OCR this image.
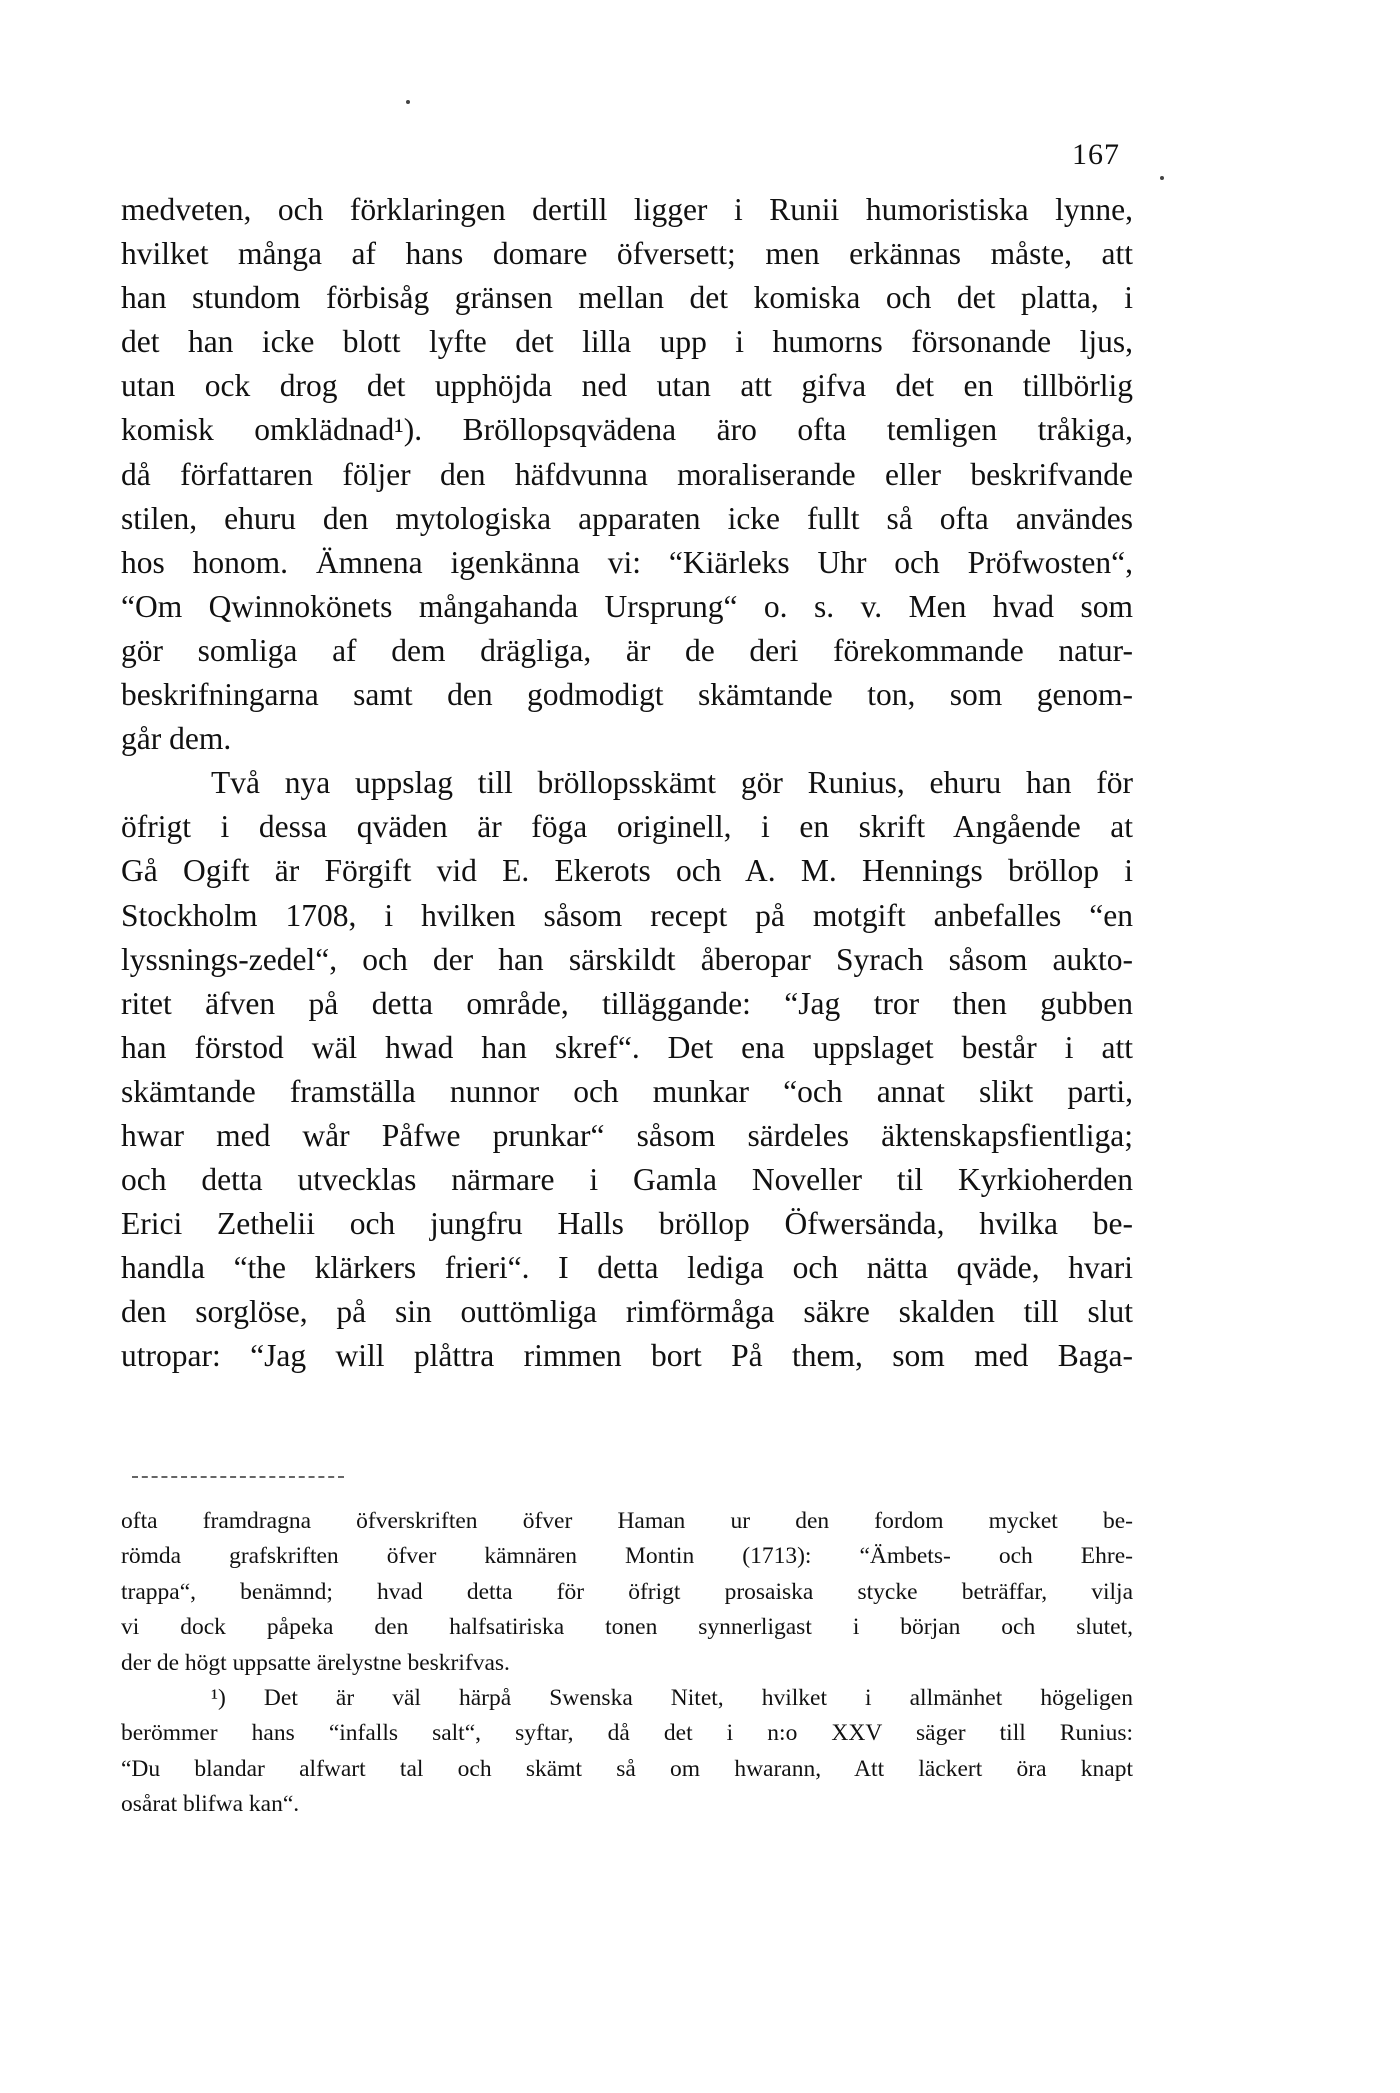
167
medveten, och förklaringen dertill ligger i Runii humoristiska lynne,
hvilket många af hans domare öfversett; men erkännas måste, att
han stundom förbisåg gränsen mellan det komiska och det platta, i
det han icke blott lyfte det lilla upp i humorns försonande ljus,
utan ock drog det upphöjda ned utan att gifva det en tillbörlig
komisk omklädnad¹). Bröllopsqvädena äro ofta temligen tråkiga,
då författaren följer den häfdvunna moraliserande eller beskrifvande
stilen, ehuru den mytologiska apparaten icke fullt så ofta användes
hos honom. Ämnena igenkänna vi: “Kiärleks Uhr och Pröfwosten“,
“Om Qwinnokönets mångahanda Ursprung“ o. s. v. Men hvad som
gör somliga af dem drägliga, är de deri förekommande natur-
beskrifningarna samt den godmodigt skämtande ton, som genom-
går dem.
Två nya uppslag till bröllopsskämt gör Runius, ehuru han för
öfrigt i dessa qväden är föga originell, i en skrift Angående at
Gå Ogift är Förgift vid E. Ekerots och A. M. Hennings bröllop i
Stockholm 1708, i hvilken såsom recept på motgift anbefalles “en
lyssnings-zedel“, och der han särskildt åberopar Syrach såsom aukto-
ritet äfven på detta område, tilläggande: “Jag tror then gubben
han förstod wäl hwad han skref“. Det ena uppslaget består i att
skämtande framställa nunnor och munkar “och annat slikt parti,
hwar med wår Påfwe prunkar“ såsom särdeles äktenskapsfientliga;
och detta utvecklas närmare i Gamla Noveller til Kyrkioherden
Erici Zethelii och jungfru Halls bröllop Öfwersända, hvilka be-
handla “the klärkers frieri“. I detta lediga och nätta qväde, hvari
den sorglöse, på sin outtömliga rimförmåga säkre skalden till slut
utropar: “Jag will plåttra rimmen bort På them, som med Baga-
ofta framdragna öfverskriften öfver Haman ur den fordom mycket be-
römda grafskriften öfver kämnären Montin (1713): “Ämbets- och Ehre-
trappa“, benämnd; hvad detta för öfrigt prosaiska stycke beträffar, vilja
vi dock påpeka den halfsatiriska tonen synnerligast i början och slutet,
der de högt uppsatte ärelystne beskrifvas.
¹) Det är väl härpå Swenska Nitet, hvilket i allmänhet högeligen
berömmer hans “infalls salt“, syftar, då det i n:o XXV säger till Runius:
“Du blandar alfwart tal och skämt så om hwarann, Att läckert öra knapt
osårat blifwa kan“.
